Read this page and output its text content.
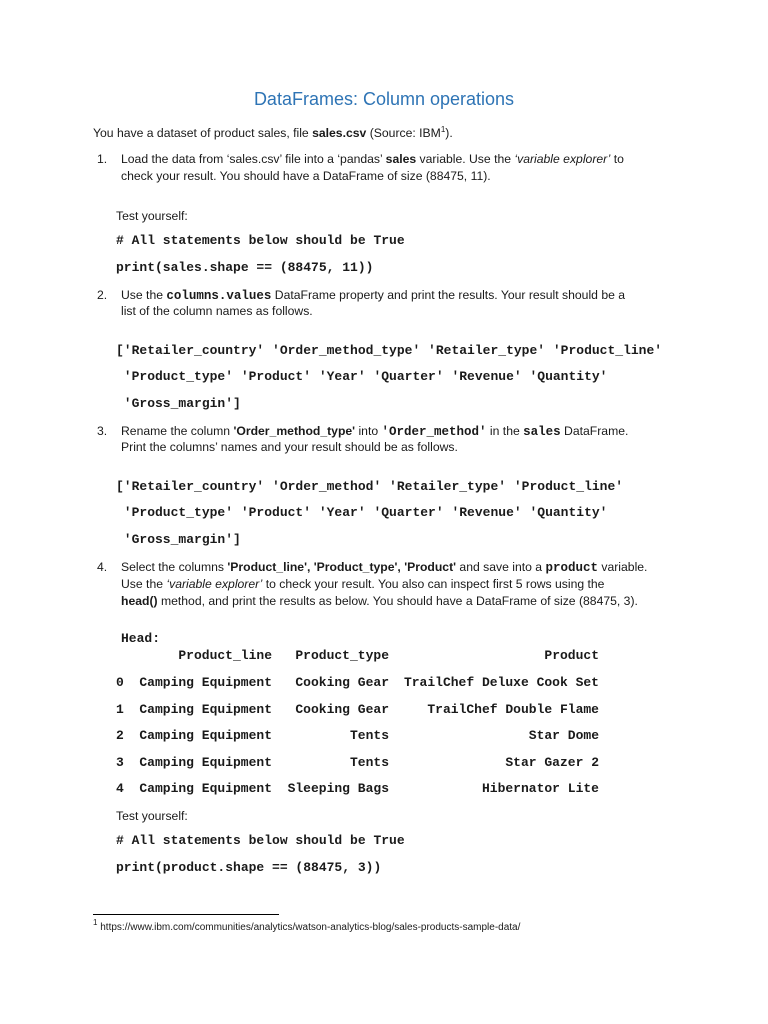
DataFrames: Column operations
You have a dataset of product sales, file sales.csv (Source: IBM$^1$).
1. Load the data from ‘sales.csv’ file into a ‘pandas’ sales variable. Use the ‘variable explorer’ to
check your result. You should have a DataFrame of size (88475, 11).
Test yourself:
# All statements below should be True
print(sales.shape == (88475, 11))
2. Use the columns.values DataFrame property and print the results. Your result should be a
list of the column names as follows.
['Retailer_country' 'Order_method_type' 'Retailer_type' 'Product_line'
'Product_type' 'Product' 'Year' 'Quarter' 'Revenue' 'Quantity'
'Gross_margin']
3. Rename the column 'Order_method_type' into 'Order_method' in the sales DataFrame.
Print the columns’ names and your result should be as follows.
['Retailer_country' 'Order_method' 'Retailer_type' 'Product_line'
'Product_type' 'Product' 'Year' 'Quarter' 'Revenue' 'Quantity'
'Gross_margin']
4. Select the columns 'Product_line', 'Product_type', 'Product' and save into a product variable.
Use the ‘variable explorer’ to check your result. You also can inspect first 5 rows using the
head() method, and print the results as below. You should have a DataFrame of size (88475, 3).
Head:
Product_line	Product_type	Product
0 Camping Equipment	Cooking Gear	TrailChef Deluxe Cook Set
1 Camping Equipment	Cooking Gear	TrailChef Double Flame
2 Camping Equipment	Tents	Star Dome
3 Camping Equipment	Tents	Star Gazer 2
4 Camping Equipment	Sleeping Bags	Hibernator Lite
Test yourself:
# All statements below should be True
print(product.shape == (88475, 3))
$^1$ https://www.ibm.com/communities/analytics/watson-analytics-blog/sales-products-sample-data/
